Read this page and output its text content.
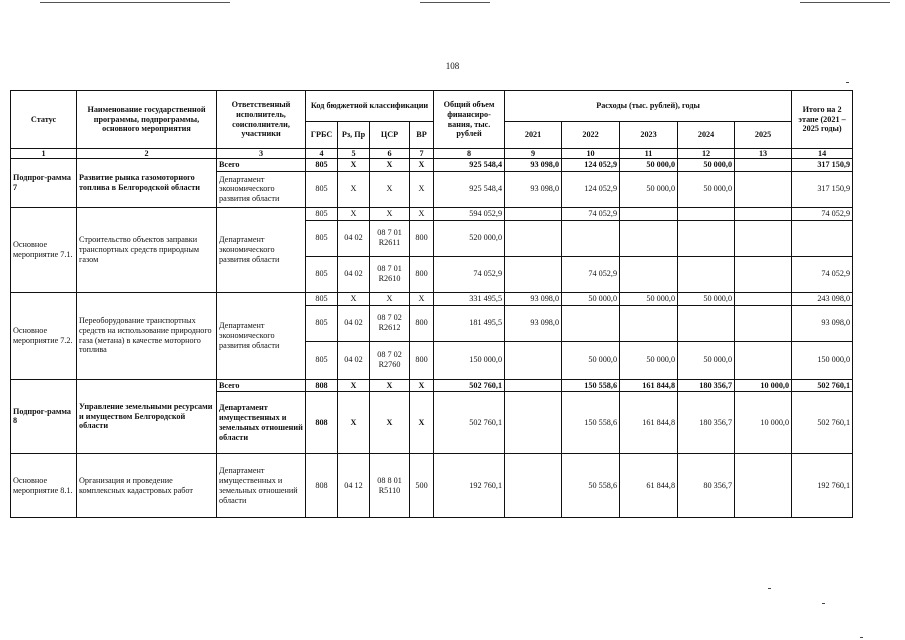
108
Статус	Наименование государственной программы, подпрограммы, основного мероприятия	Ответственный исполнитель, соисполнители, участники	Код бюджетной классификации				Общий объем финансиро-вания, тыс. рублей	Расходы (тыс. рублей), годы					Итого на 2 этапе (2021 – 2025 годы)
			ГРБС	Рз, Пр	ЦСР	ВР		2021	2022	2023	2024	2025	
1	2	3	4	5	6	7	8	9	10	11	12	13	14
Подпрог-рамма 7	Развитие рынка газомоторного топлива в Белгородской области	Всего	805	X	X	X	925 548,4	93 098,0	124 052,9	50 000,0	50 000,0		317 150,9
		Департамент экономического развития области	805	X	X	X	925 548,4	93 098,0	124 052,9	50 000,0	50 000,0		317 150,9
Основное мероприятие 7.1.	Строительство объектов заправки транспортных средств природным газом	Департамент экономического развития области	805	X	X	X	594 052,9		74 052,9				74 052,9
			805	04 02	08 7 01 R2611	800	520 000,0						
			805	04 02	08 7 01 R2610	800	74 052,9		74 052,9				74 052,9
Основное мероприятие 7.2.	Переоборудование транспортных средств на использование природного газа (метана) в качестве моторного топлива	Департамент экономического развития области	805	X	X	X	331 495,5	93 098,0	50 000,0	50 000,0	50 000,0		243 098,0
			805	04 02	08 7 02 R2612	800	181 495,5	93 098,0					93 098,0
			805	04 02	08 7 02 R2760	800	150 000,0		50 000,0	50 000,0	50 000,0		150 000,0
Подпрог-рамма 8	Управление земельными ресурсами и имуществом Белгородской области	Всего	808	X	X	X	502 760,1		150 558,6	161 844,8	180 356,7	10 000,0	502 760,1
		Департамент имущественных и земельных отношений области	808	X	X	X	502 760,1		150 558,6	161 844,8	180 356,7	10 000,0	502 760,1
Основное мероприятие 8.1.	Организация и проведение комплексных кадастровых работ	Департамент имущественных и земельных отношений области	808	04 12	08 8 01 R5110	500	192 760,1		50 558,6	61 844,8	80 356,7		192 760,1
